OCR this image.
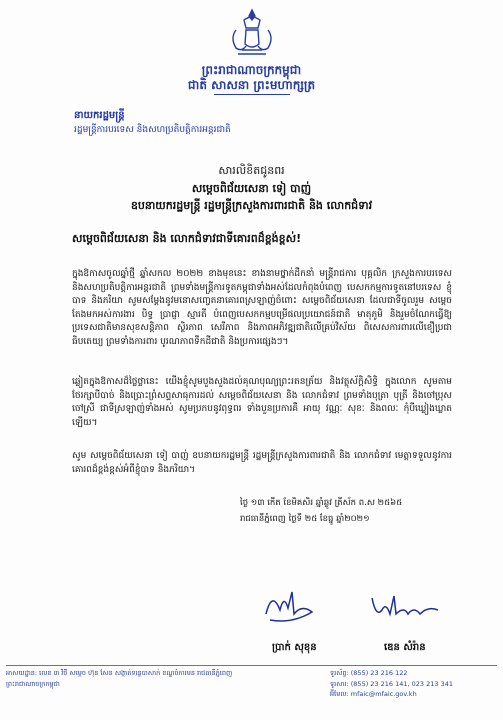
ព្រះរាជាណាចក្រកម្ពុជា
ជាតិ សាសនា ព្រះមហាក្សត្រ
នាយករដ្ឋមន្ត្រី
រដ្ឋមន្ត្រីការបរទេស និងសហប្រតិបត្តិការអន្តរជាតិ
សារលិខិតជូនពរ
សម្ដេចពិជ័យសេនា ទៀ បាញ់
ឧបនាយករដ្ឋមន្ត្រី រដ្ឋមន្ត្រីក្រសួងការពារជាតិ និង លោកជំទាវ
សម្ដេចពិជ័យសេនា និង លោកជំទាវជាទីគោរពដ៏ខ្ពង់ខ្ពស់!
ក្នុងឱកាសចូលឆ្នាំថ្មី ឆ្នាំសកល ២០២២ ខាងមុខនេះ ខាងនាមថ្នាក់ដឹកនាំ មន្ត្រីរាជការ បុគ្គលិក ក្រសួងការបរទេស និងសហប្រតិបត្តិការអន្តរជាតិ ព្រមទាំងមន្ត្រីការទូតកម្ពុជាទាំងអស់ដែលកំពុងបំពេញ បេសកកម្មការទូតនៅបរទេស ខ្ញុំបាទ និងភរិយា សូមសម្ដែងនូវមនោសញ្ចេតនាគោរពស្រឡាញ់ចំពោះ សម្ដេចពិជ័យសេនា ដែលជាទីចូលរួម សម្ដេច តែងមកអស់ការងារ បិទ្ធ ប្រាជ្ញា ស្មារតី បំពេញបេសកកម្មបម្រើផលប្រយោជន៍ជាតិ មាតុភូមិ និងរួមចំណែកធ្វើឱ្យប្រទេសជាតិមានសុខសន្តិភាព ស្ថិរភាព សេរីភាព និងភាពអភិវឌ្ឍជាតិលើគ្រប់វិស័យ ពិសេសការពារលើខឿប្រជាធិបតេយ្យ ព្រមទាំងការពារ បូរណភាពទឹកដីជាតិ និងប្រការផ្សេងៗ។
ឆ្លៀតក្នុងឱកាសដ៏ថ្លៃថ្លានេះ យើងខ្ញុំសូមបួងសួងដល់គុណបុណ្យព្រះរតនត្រ័យ និងវត្ថុស័ក្តិសិទ្ធិ ក្នុងលោក សូមតាមថែរក្សាបីបាច់ និងប្រោះព្រំសព្ទសាធុការដល់ សម្ដេចពិជ័យសេនា និង លោកជំទាវ ព្រមទាំងបុត្រា បុត្រី និងចៅប្រុស ចៅស្រី ជាទីស្រឡាញ់ទាំងអស់ សូមប្រកបនូវពុទ្ធពរ ទាំងបួនប្រការគឺ អាយុ វណ្ណៈ សុខៈ និងពលៈ កុំបីឃ្លៀងឃ្លាតឡើយ។
សូម សម្ដេចពិជ័យសេនា ទៀ បាញ់ ឧបនាយករដ្ឋមន្ត្រី រដ្ឋមន្ត្រីក្រសួងការពារជាតិ និង លោកជំទាវ មេត្តាទទួលនូវការគោរពដ៏ខ្ពង់ខ្ពស់អំពីខ្ញុំបាទ និងភរិយា។
ថ្ងៃ​ ១៣ ​កើត​ ខែ​មិគសិរ​ ឆ្នាំឆ្លូវ ត្រីស័ក ព.ស ២៥៦៥
រាជធានីភ្នំពេញ ថ្ងៃទី ២៥ ខែធ្នូ ឆ្នាំ២០២១
ប្រាក់ សុខុន	ឌេន សំរ៉ាន
អាសយដ្ឋាន: លេខ ៣ វិថី សម្ដេច ហ៊ុន សែន សង្កាត់ទន្លេបាសាក់ ខណ្ឌចំការមន រាជធានីភ្នំពេញ ព្រះរាជាណាចក្រកម្ពុជា
ទូរស័ព្ទ: (855) 23 216 122
ទូរសារ: (855) 23 216 141, 023 213 341
អ៊ីមែល: mfaic@mfaic.gov.kh
